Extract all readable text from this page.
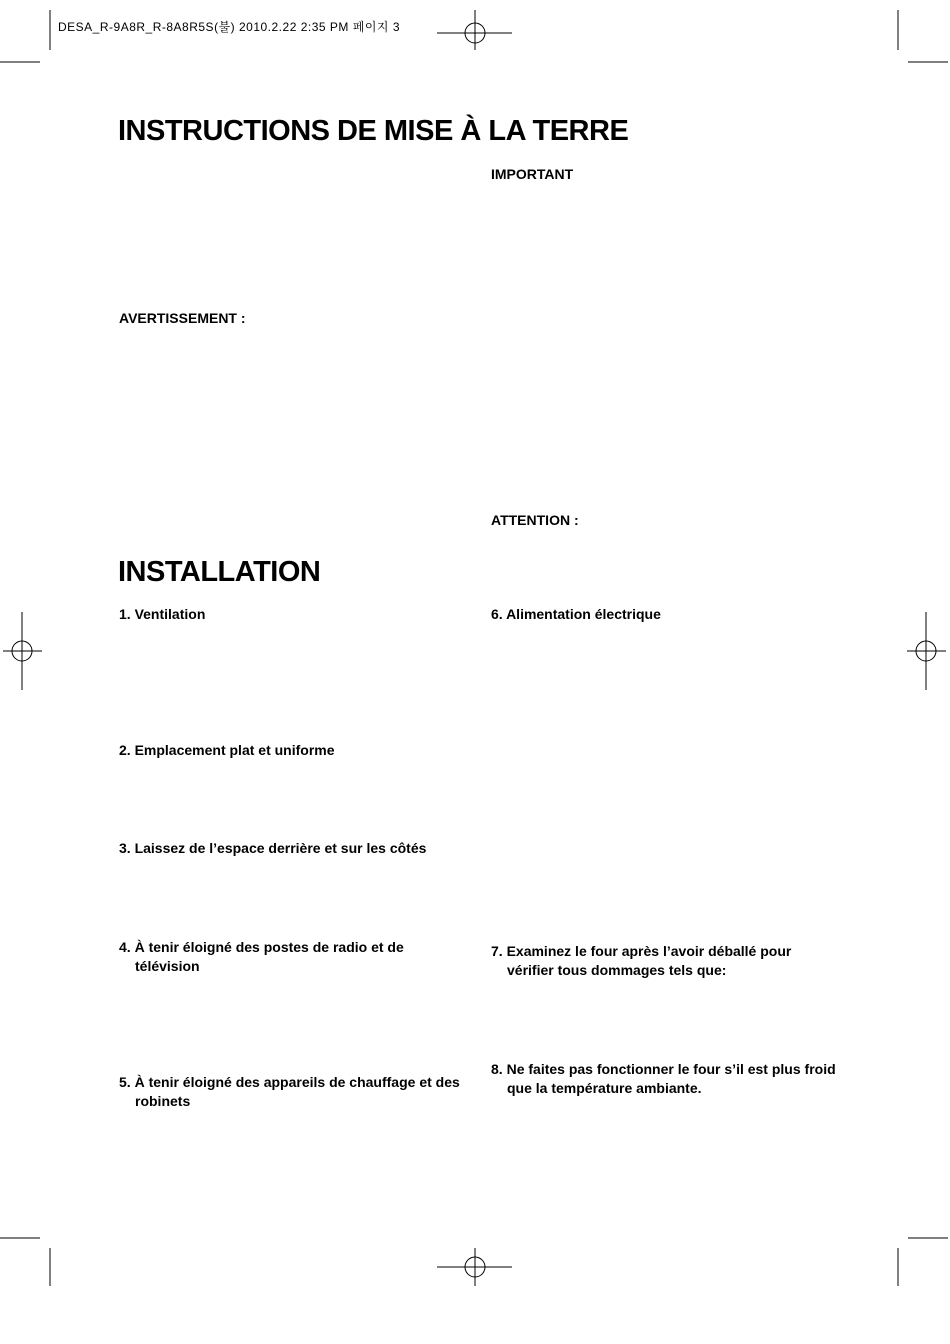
DESA_R-9A8R_R-8A8R5S(불) 2010.2.22 2:35 PM 페이지 3
INSTRUCTIONS DE MISE À LA TERRE
IMPORTANT
AVERTISSEMENT :
ATTENTION :
INSTALLATION
1. Ventilation
2. Emplacement plat et uniforme
3. Laissez de l’espace derrière et sur les côtés
4. À tenir éloigné des postes de radio et de
télévision
5. À tenir éloigné des appareils de chauffage et des
robinets
6. Alimentation électrique
7. Examinez le four après l’avoir déballé pour
vérifier tous dommages tels que:
8. Ne faites pas fonctionner le four s’il est plus froid
que la température ambiante.
